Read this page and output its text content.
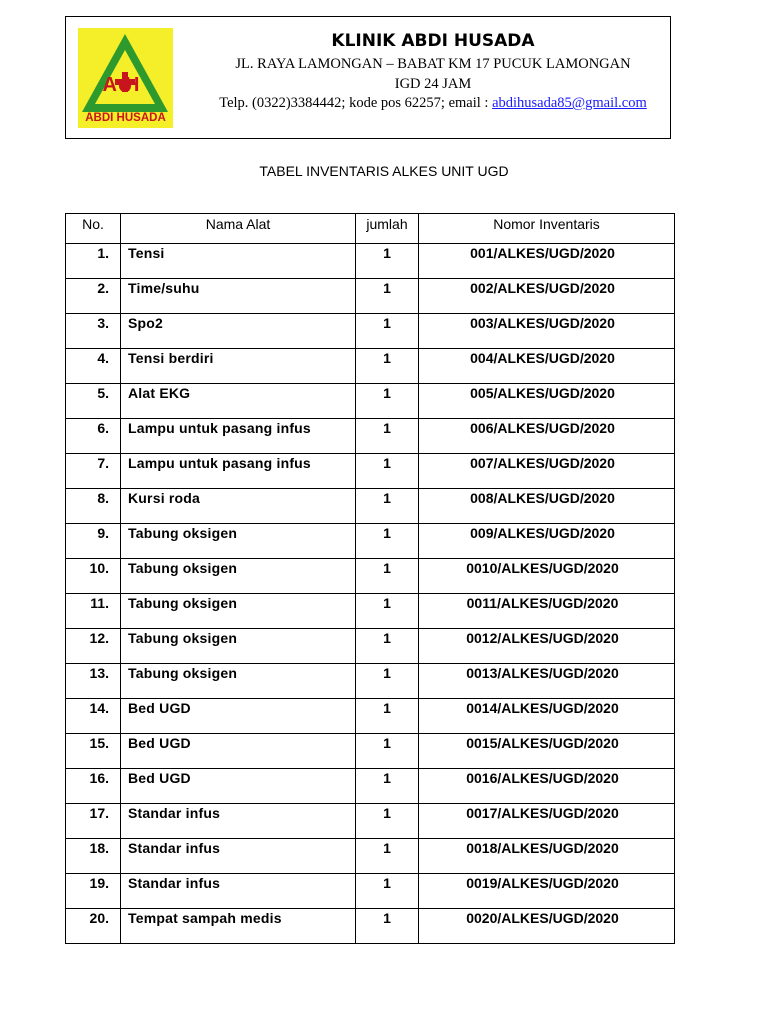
AH
ABDI HUSADA
KLINIK ABDI HUSADA
JL. RAYA LAMONGAN – BABAT KM 17 PUCUK LAMONGAN
IGD 24 JAM
Telp. (0322)3384442; kode pos 62257; email : abdihusada85@gmail.com
TABEL INVENTARIS ALKES UNIT UGD
No.	Nama Alat	jumlah	Nomor Inventaris
1.	Tensi	1	001/ALKES/UGD/2020
2.	Time/suhu	1	002/ALKES/UGD/2020
3.	Spo2	1	003/ALKES/UGD/2020
4.	Tensi berdiri	1	004/ALKES/UGD/2020
5.	Alat EKG	1	005/ALKES/UGD/2020
6.	Lampu untuk pasang infus	1	006/ALKES/UGD/2020
7.	Lampu untuk pasang infus	1	007/ALKES/UGD/2020
8.	Kursi roda	1	008/ALKES/UGD/2020
9.	Tabung oksigen	1	009/ALKES/UGD/2020
10.	Tabung oksigen	1	0010/ALKES/UGD/2020
11.	Tabung oksigen	1	0011/ALKES/UGD/2020
12.	Tabung oksigen	1	0012/ALKES/UGD/2020
13.	Tabung oksigen	1	0013/ALKES/UGD/2020
14.	Bed UGD	1	0014/ALKES/UGD/2020
15.	Bed UGD	1	0015/ALKES/UGD/2020
16.	Bed UGD	1	0016/ALKES/UGD/2020
17.	Standar infus	1	0017/ALKES/UGD/2020
18.	Standar infus	1	0018/ALKES/UGD/2020
19.	Standar infus	1	0019/ALKES/UGD/2020
20.	Tempat sampah medis	1	0020/ALKES/UGD/2020
